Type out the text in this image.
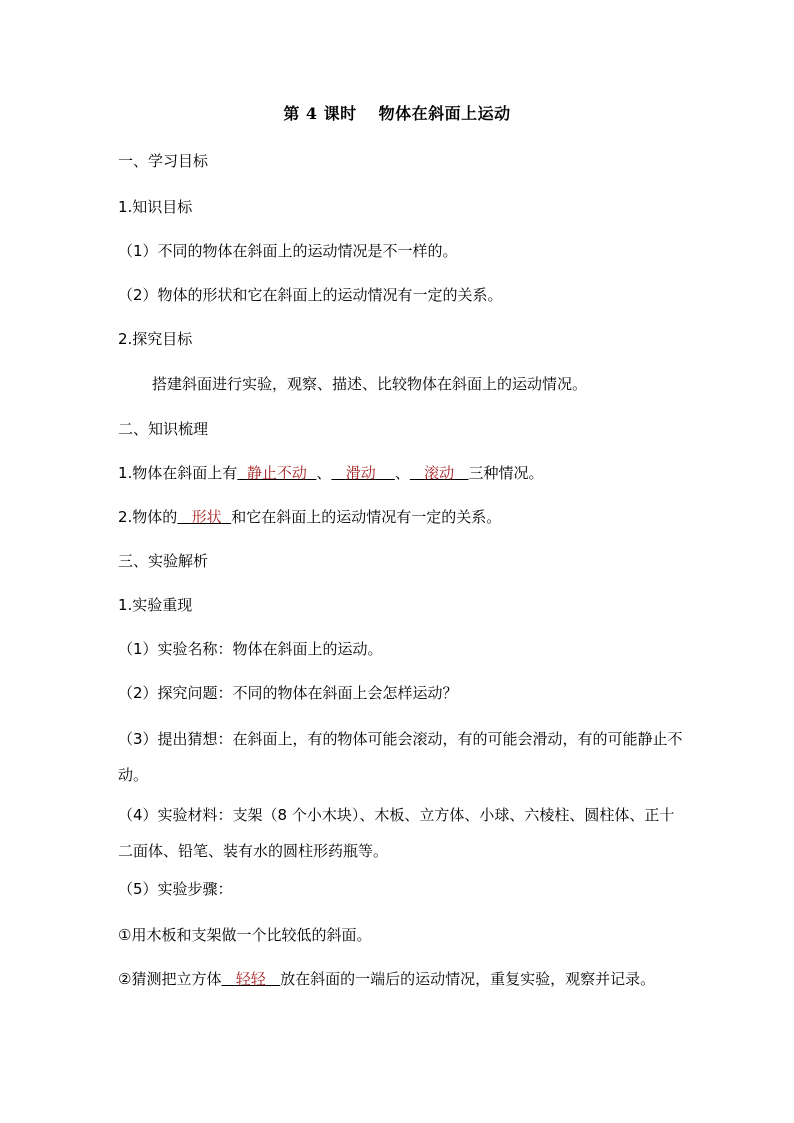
第 4 课时 物体在斜面上运动
一、学习目标
1.知识目标
（1）不同的物体在斜面上的运动情况是不一样的。
（2）物体的形状和它在斜面上的运动情况有一定的关系。
2.探究目标
搭建斜面进行实验，观察、描述、比较物体在斜面上的运动情况。
二、知识梳理
1.物体在斜面上有 静止不动 、 滑动 、 滚动 三种情况。
2.物体的 形状 和它在斜面上的运动情况有一定的关系。
三、实验解析
1.实验重现
（1）实验名称：物体在斜面上的运动。
（2）探究问题：不同的物体在斜面上会怎样运动？
（3）提出猜想：在斜面上，有的物体可能会滚动，有的可能会滑动，有的可能静止不动。
（4）实验材料：支架（8 个小木块）、木板、立方体、小球、六棱柱、圆柱体、正十二面体、铅笔、装有水的圆柱形药瓶等。
（5）实验步骤：
①用木板和支架做一个比较低的斜面。
②猜测把立方体 轻轻 放在斜面的一端后的运动情况，重复实验，观察并记录。
